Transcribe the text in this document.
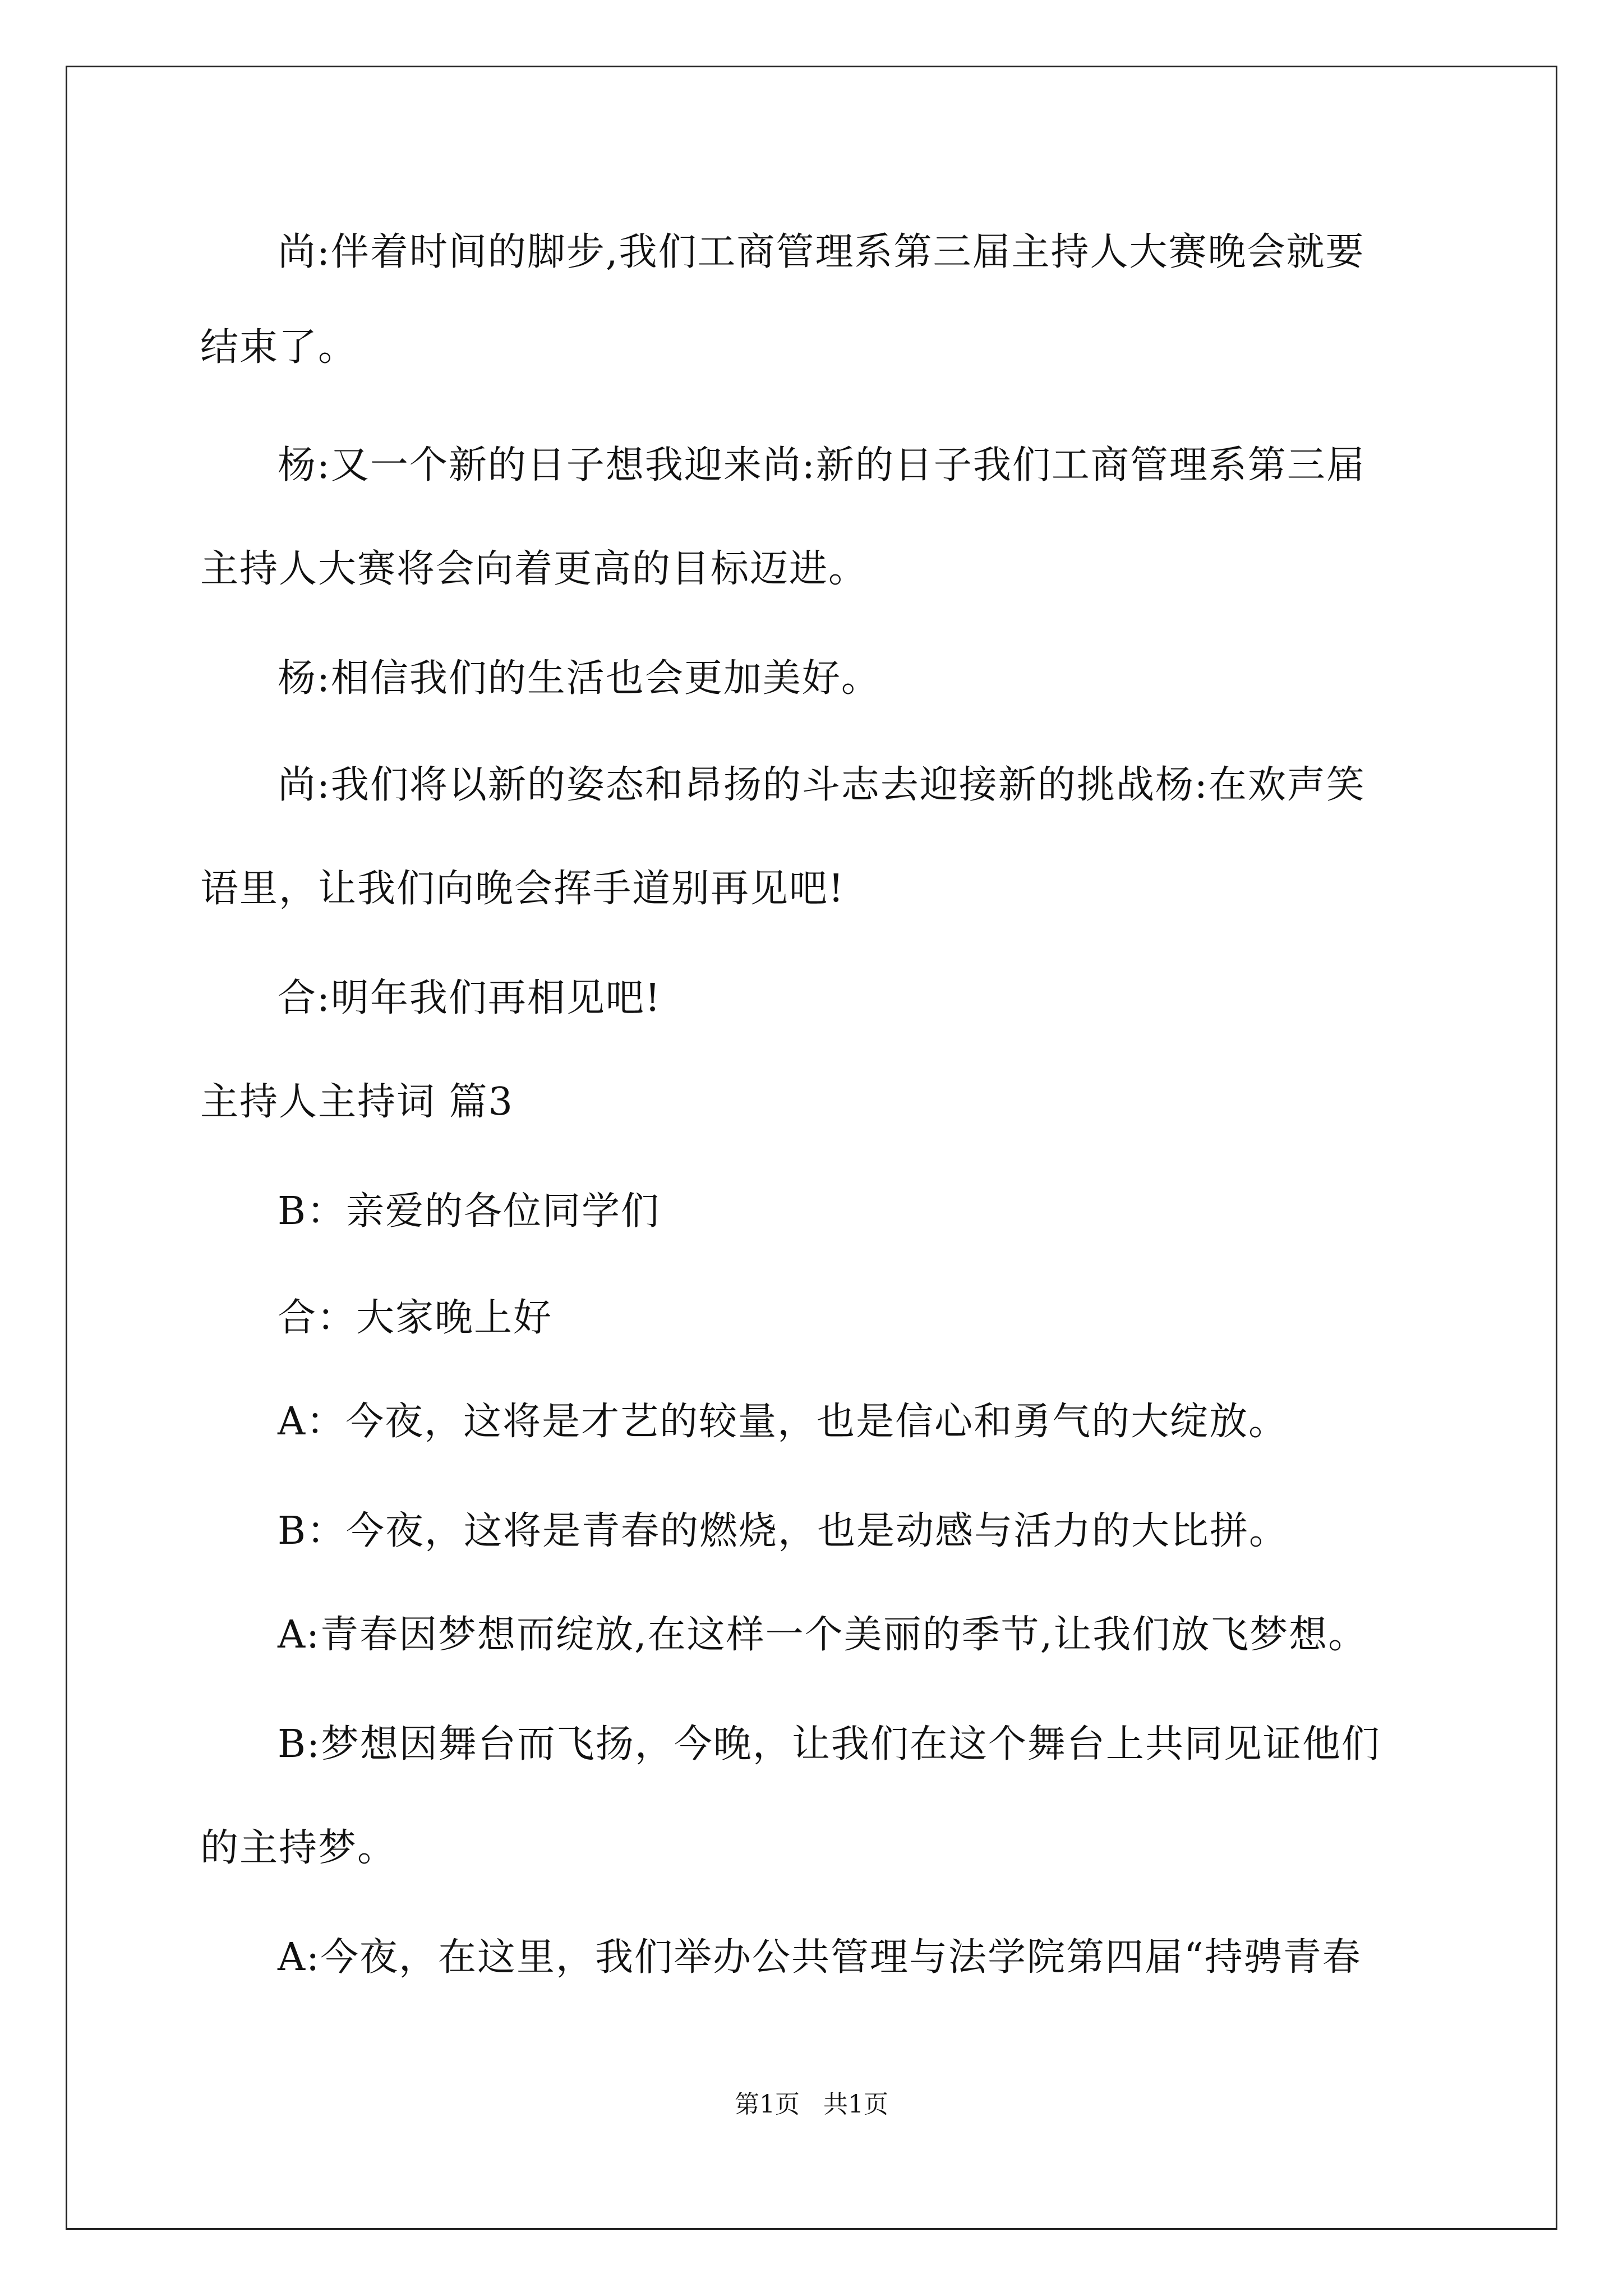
尚:伴着时间的脚步,我们工商管理系第三届主持人大赛晚会就要
结束了。
杨:又一个新的日子想我迎来尚:新的日子我们工商管理系第三届
主持人大赛将会向着更高的目标迈进。
杨:相信我们的生活也会更加美好。
尚:我们将以新的姿态和昂扬的斗志去迎接新的挑战杨:在欢声笑
语里，让我们向晚会挥手道别再见吧!
合:明年我们再相见吧!
主持人主持词 篇3
B：亲爱的各位同学们
合：大家晚上好
A：今夜，这将是才艺的较量，也是信心和勇气的大绽放。
B：今夜，这将是青春的燃烧，也是动感与活力的大比拼。
A:青春因梦想而绽放,在这样一个美丽的季节,让我们放飞梦想。
B:梦想因舞台而飞扬，今晚，让我们在这个舞台上共同见证他们
的主持梦。
A:今夜，在这里，我们举办公共管理与法学院第四届“持骋青春
第1页   共1页
